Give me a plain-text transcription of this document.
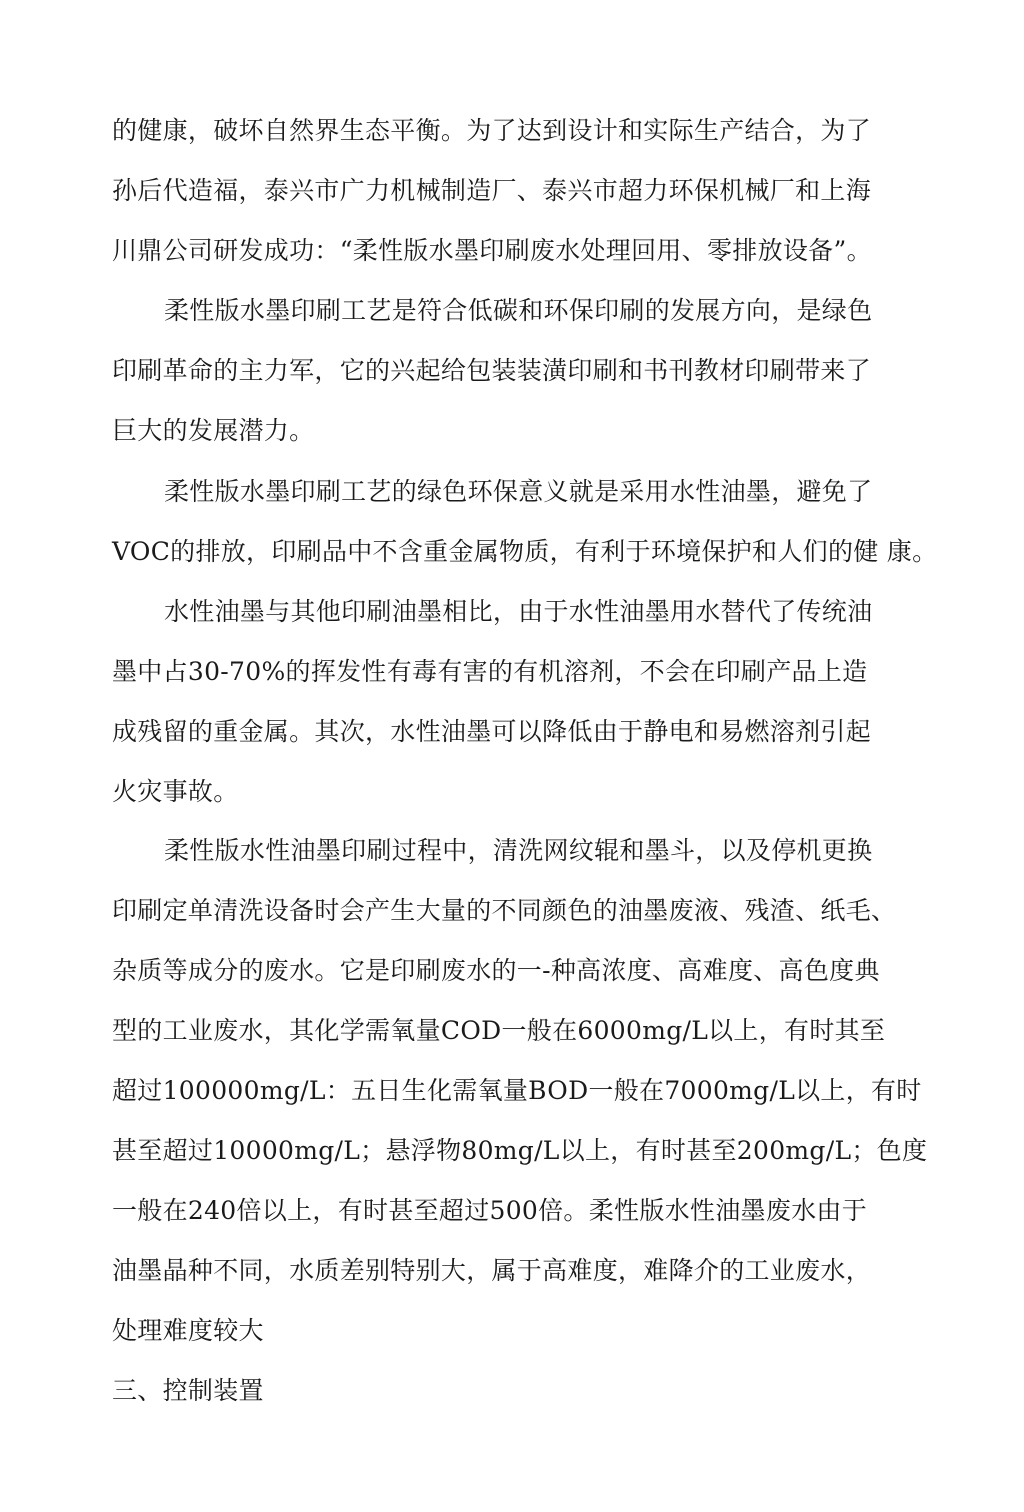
的健康，破坏自然界生态平衡。为了达到设计和实际生产结合，为了
孙后代造福，泰兴市广力机械制造厂、泰兴市超力环保机械厂和上海
川鼎公司研发成功：“柔性版水墨印刷废水处理回用、零排放设备”。
柔性版水墨印刷工艺是符合低碳和环保印刷的发展方向，是绿色
印刷革命的主力军，它的兴起给包装装潢印刷和书刊教材印刷带来了
巨大的发展潜力。
柔性版水墨印刷工艺的绿色环保意义就是采用水性油墨，避免了
VOC的排放，印刷品中不含重金属物质，有利于环境保护和人们的健 康。
水性油墨与其他印刷油墨相比，由于水性油墨用水替代了传统油
墨中占30-70%的挥发性有毒有害的有机溶剂，不会在印刷产品上造
成残留的重金属。其次，水性油墨可以降低由于静电和易燃溶剂引起
火灾事故。
柔性版水性油墨印刷过程中，清洗网纹辊和墨斗，以及停机更换
印刷定单清洗设备时会产生大量的不同颜色的油墨废液、残渣、纸毛、
杂质等成分的废水。它是印刷废水的一-种高浓度、高难度、高色度典
型的工业废水，其化学需氧量COD一般在6000mg/L以上，有时其至
超过100000mg/L：五日生化需氧量BOD一般在7000mg/L以上，有时
甚至超过10000mg/L；悬浮物80mg/L以上，有时甚至200mg/L；色度
一般在240倍以上，有时甚至超过500倍。柔性版水性油墨废水由于
油墨晶种不同，水质差别特别大，属于高难度，难降介的工业废水，
处理难度较大
三、控制装置
